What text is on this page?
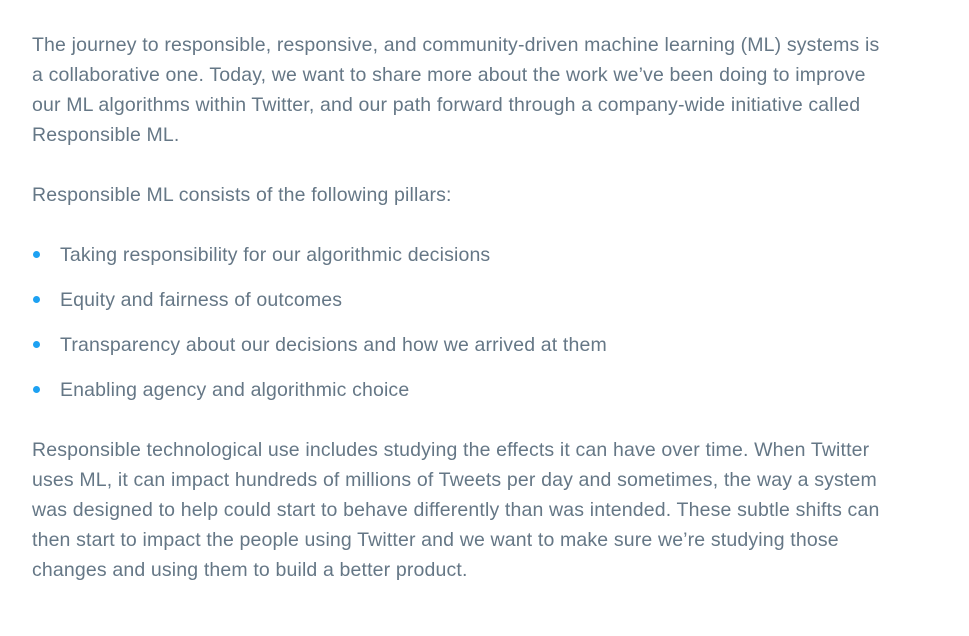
The journey to responsible, responsive, and community-driven machine learning (ML) systems is a collaborative one. Today, we want to share more about the work we’ve been doing to improve our ML algorithms within Twitter, and our path forward through a company-wide initiative called Responsible ML.

Responsible ML consists of the following pillars:

Taking responsibility for our algorithmic decisions
Equity and fairness of outcomes
Transparency about our decisions and how we arrived at them
Enabling agency and algorithmic choice

Responsible technological use includes studying the effects it can have over time. When Twitter uses ML, it can impact hundreds of millions of Tweets per day and sometimes, the way a system was designed to help could start to behave differently than was intended. These subtle shifts can then start to impact the people using Twitter and we want to make sure we’re studying those changes and using them to build a better product.
